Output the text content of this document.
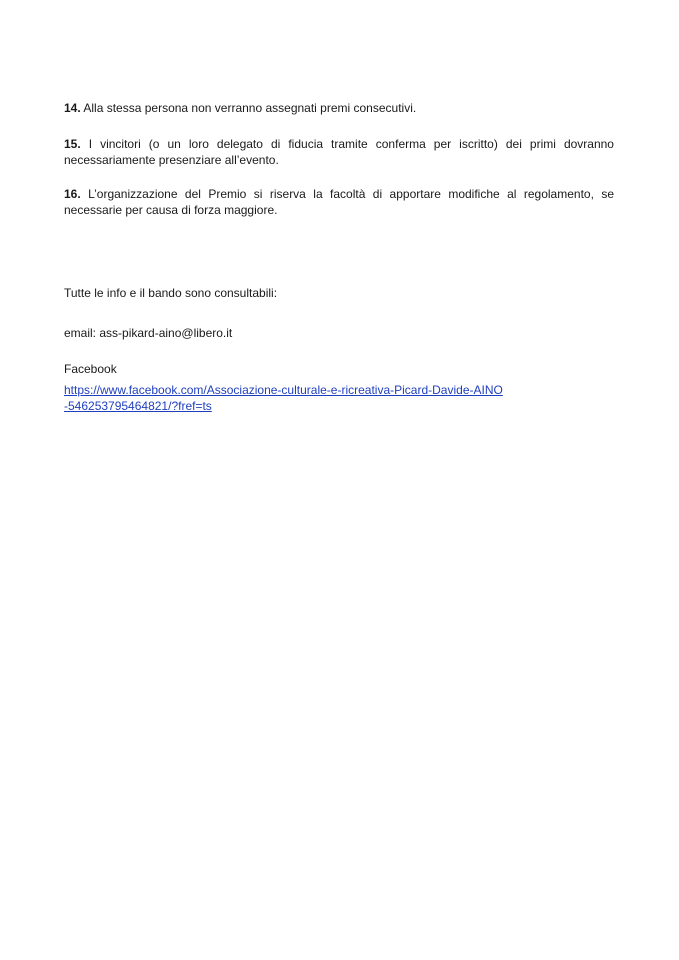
14. Alla stessa persona non verranno assegnati premi consecutivi.

15. I vincitori (o un loro delegato di fiducia tramite conferma per iscritto) dei primi dovranno necessariamente presenziare all’evento.

16. L’organizzazione del Premio si riserva la facoltà di apportare modifiche al regolamento, se necessarie per causa di forza maggiore.

Tutte le info e il bando sono consultabili:

email: ass-pikard-aino@libero.it

Facebook

https://www.facebook.com/Associazione-culturale-e-ricreativa-Picard-Davide-AINO-546253795464821/?fref=ts
